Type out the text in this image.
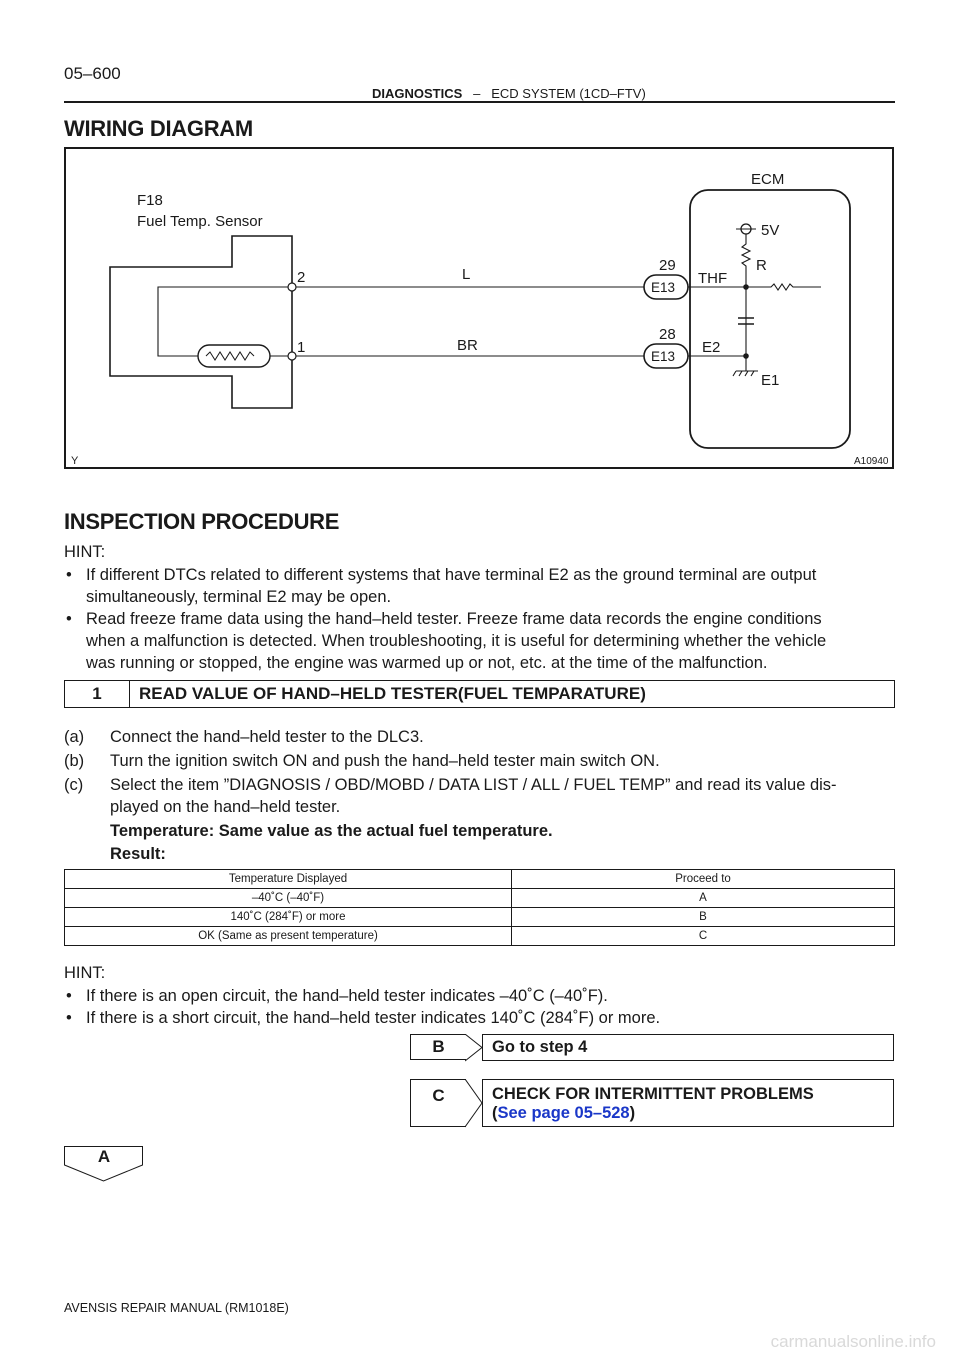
05–600
DIAGNOSTICS – ECD SYSTEM (1CD–FTV)
WIRING DIAGRAM
F18
Fuel Temp. Sensor
ECM
5V
R
2
1
L
BR
29
28
E13
E13
THF
E2
E1
Y	A10940
INSPECTION PROCEDURE
HINT:
• If different DTCs related to different systems that have terminal E2 as the ground terminal are output
simultaneously, terminal E2 may be open.
• Read freeze frame data using the hand–held tester. Freeze frame data records the engine conditions
when a malfunction is detected. When troubleshooting, it is useful for determining whether the vehicle
was running or stopped, the engine was warmed up or not, etc. at the time of the malfunction.
1	READ VALUE OF HAND–HELD TESTER(FUEL TEMPARATURE)
(a) Connect the hand–held tester to the DLC3.
(b) Turn the ignition switch ON and push the hand–held tester main switch ON.
(c) Select the item ”DIAGNOSIS / OBD/MOBD / DATA LIST / ALL / FUEL TEMP” and read its value dis-
played on the hand–held tester.
Temperature: Same value as the actual fuel temperature.
Result:
Temperature Displayed	Proceed to
–40˚C (–40˚F)	A
140˚C (284˚F) or more	B
OK (Same as present temperature)	C
HINT:
• If there is an open circuit, the hand–held tester indicates –40˚C (–40˚F).
• If there is a short circuit, the hand–held tester indicates 140˚C (284˚F) or more.
B	Go to step 4
C	CHECK FOR INTERMITTENT PROBLEMS
(See page 05–528)
A
AVENSIS REPAIR MANUAL (RM1018E)
carmanualsonline.info
